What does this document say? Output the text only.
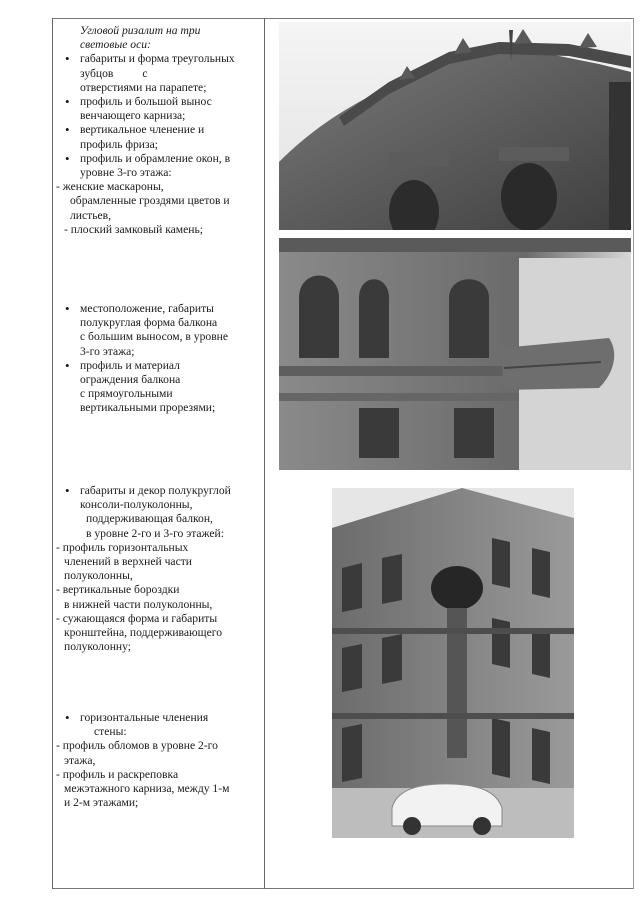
Угловой ризалит на три

световые оси:

• габариты и форма треугольных

зубцов          с

отверстиями на парапете;

• профиль и большой вынос

венчающего карниза;

• вертикальное членение и

профиль фриза;

• профиль и обрамление окон, в

уровне 3-го этажа:

- женские маскароны,

обрамленные гроздями цветов и

листьев,

- плоский замковый камень;

• местоположение, габариты

полукруглая форма балкона

с большим выносом, в уровне

3-го этажа;

• профиль и материал

ограждения балкона

с прямоугольными

вертикальными прорезями;

• габариты и декор полукруглой

консоли-полуколонны,

поддерживающая балкон,

в уровне 2-го и 3-го этажей:

- профиль горизонтальных

членений в верхней части

полуколонны,

- вертикальные бороздки

в нижней части полуколонны,

- сужающаяся форма и габариты

кронштейна, поддерживающего

полуколонну;

• горизонтальные членения

стены:

- профиль обломов в уровне 2-го

этажа,

- профиль и раскреповка

межэтажного карниза, между 1-м

и 2-м этажами;
